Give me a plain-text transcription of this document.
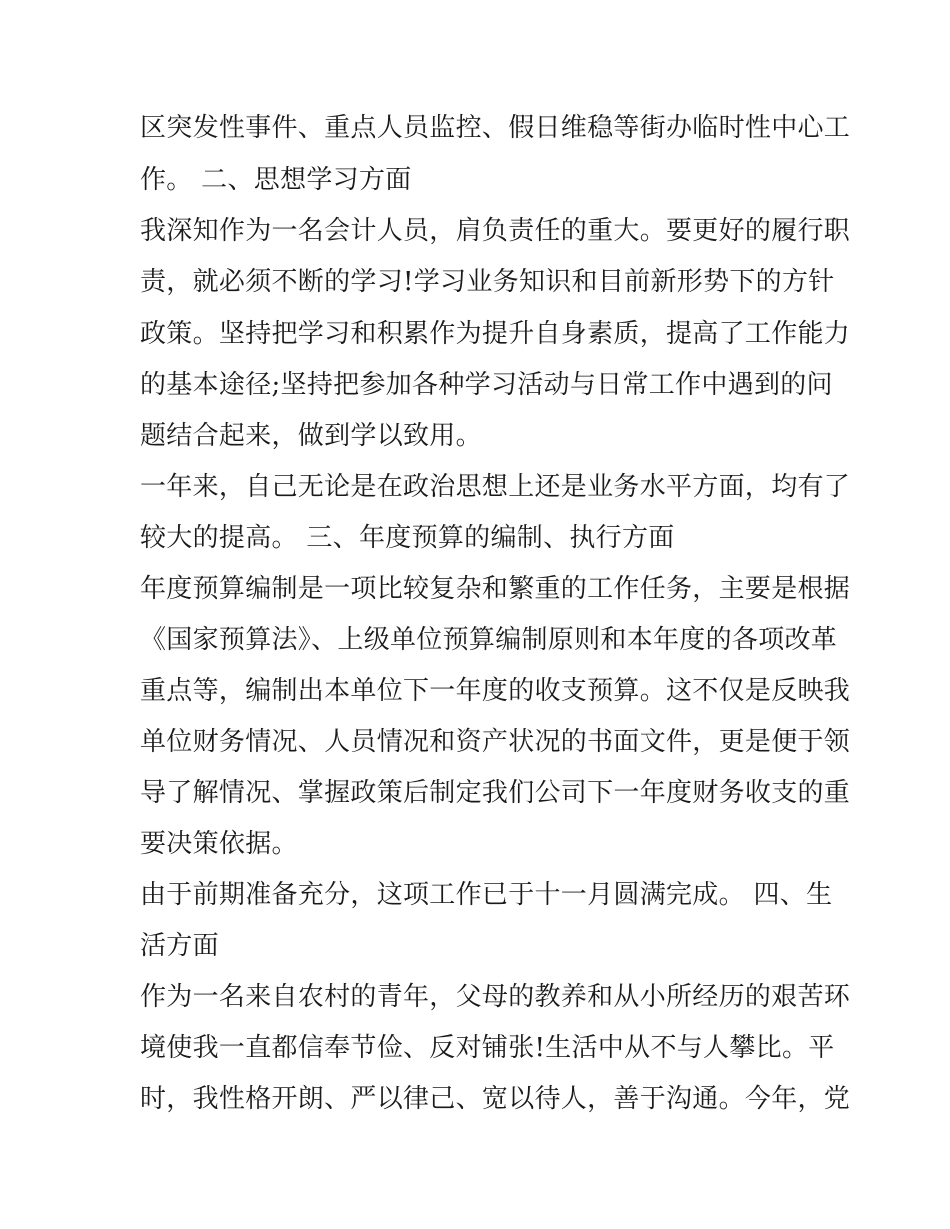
区突发性事件、重点人员监控、假日维稳等街办临时性中心工
作。 二、思想学习方面
我深知作为一名会计人员，肩负责任的重大。要更好的履行职
责，就必须不断的学习!学习业务知识和目前新形势下的方针
政策。坚持把学习和积累作为提升自身素质，提高了工作能力
的基本途径;坚持把参加各种学习活动与日常工作中遇到的问
题结合起来，做到学以致用。
一年来，自己无论是在政治思想上还是业务水平方面，均有了
较大的提高。 三、年度预算的编制、执行方面
年度预算编制是一项比较复杂和繁重的工作任务，主要是根据
《国家预算法》、上级单位预算编制原则和本年度的各项改革
重点等，编制出本单位下一年度的收支预算。这不仅是反映我
单位财务情况、人员情况和资产状况的书面文件，更是便于领
导了解情况、掌握政策后制定我们公司下一年度财务收支的重
要决策依据。
由于前期准备充分，这项工作已于十一月圆满完成。 四、生
活方面
作为一名来自农村的青年，父母的教养和从小所经历的艰苦环
境使我一直都信奉节俭、反对铺张!生活中从不与人攀比。平
时，我性格开朗、严以律己、宽以待人，善于沟通。今年，党
